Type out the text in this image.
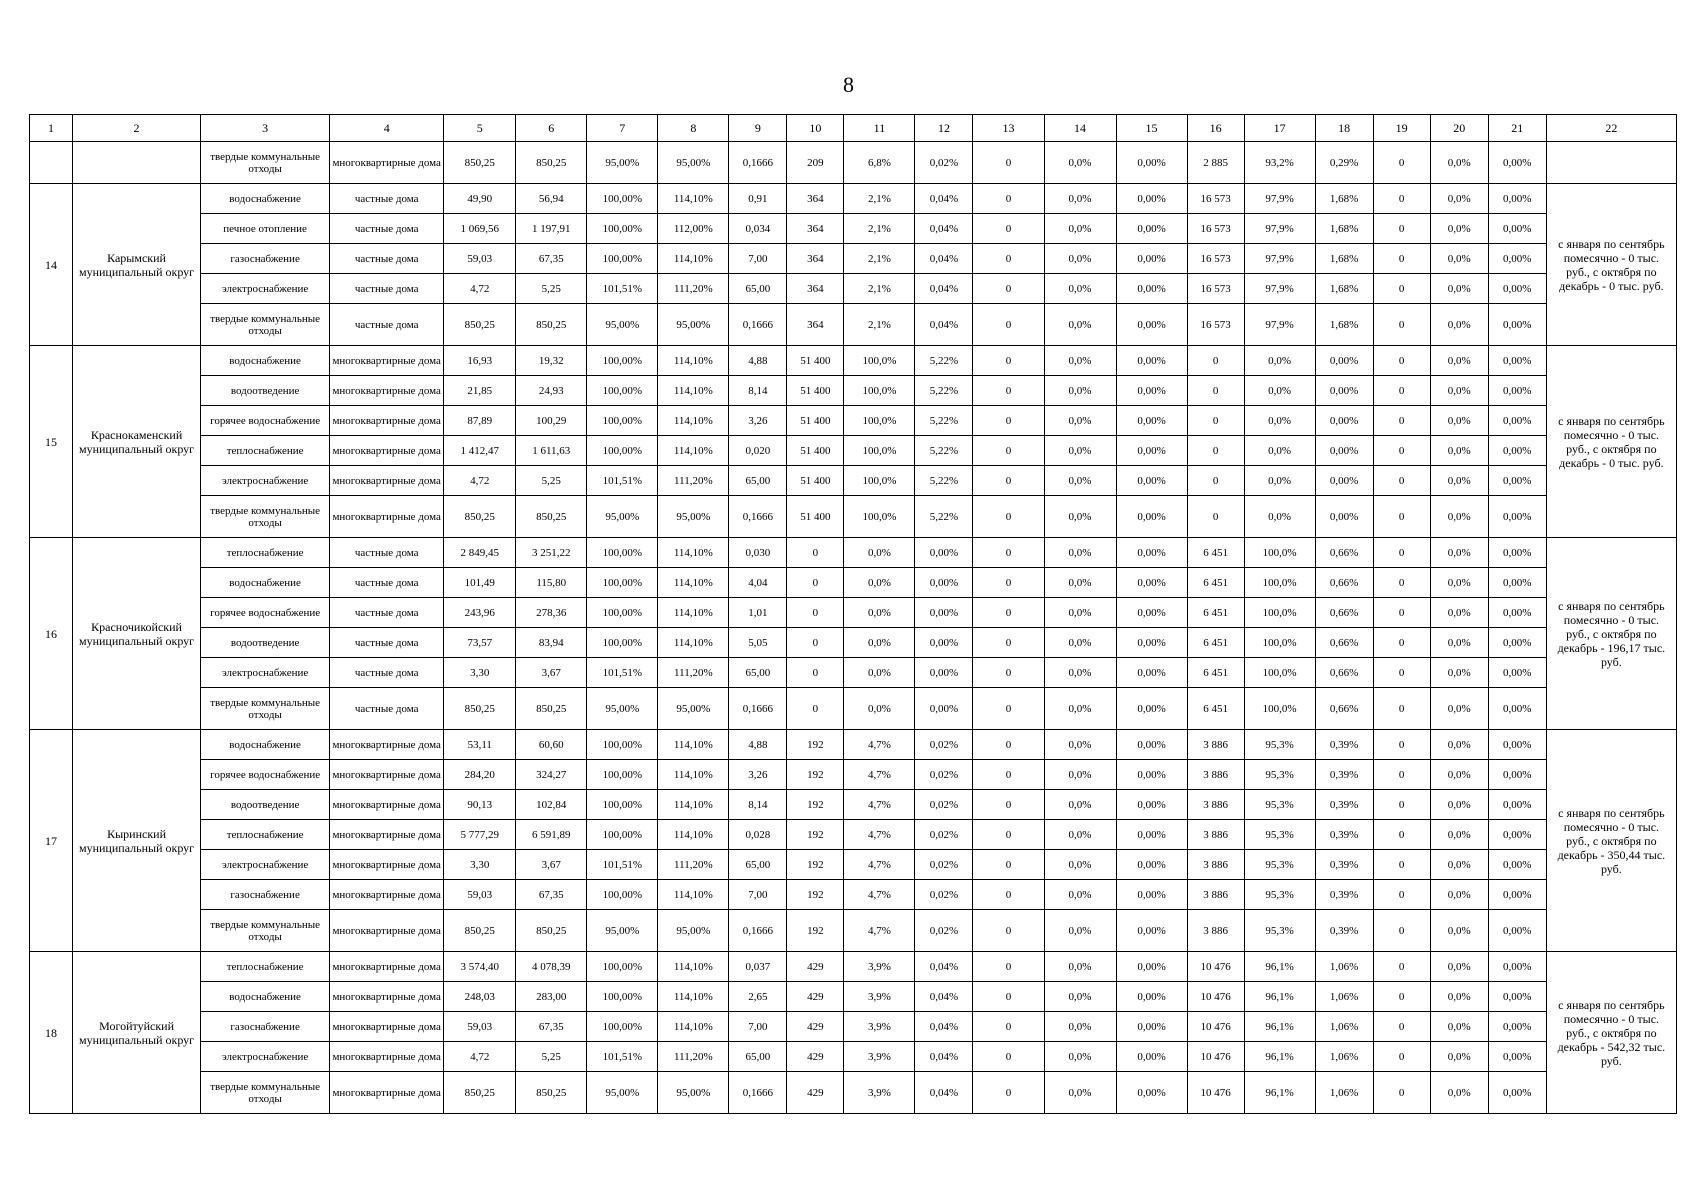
8
1	2	3	4	5	6	7	8	9	10	11	12	13	14	15	16	17	18	19	20	21	22
		твердые коммунальные отходы	многоквартирные дома	850,25	850,25	95,00%	95,00%	0,1666	209	6,8%	0,02%	0	0,0%	0,00%	2 885	93,2%	0,29%	0	0,0%	0,00%	
14	Карымский муниципальный округ	водоснабжение	частные дома	49,90	56,94	100,00%	114,10%	0,91	364	2,1%	0,04%	0	0,0%	0,00%	16 573	97,9%	1,68%	0	0,0%	0,00%	с января по сентябрь помесячно - 0 тыс. руб., с октября по декабрь - 0 тыс. руб.
		печное отопление	частные дома	1 069,56	1 197,91	100,00%	112,00%	0,034	364	2,1%	0,04%	0	0,0%	0,00%	16 573	97,9%	1,68%	0	0,0%	0,00%	
		газоснабжение	частные дома	59,03	67,35	100,00%	114,10%	7,00	364	2,1%	0,04%	0	0,0%	0,00%	16 573	97,9%	1,68%	0	0,0%	0,00%	
		электроснабжение	частные дома	4,72	5,25	101,51%	111,20%	65,00	364	2,1%	0,04%	0	0,0%	0,00%	16 573	97,9%	1,68%	0	0,0%	0,00%	
		твердые коммунальные отходы	частные дома	850,25	850,25	95,00%	95,00%	0,1666	364	2,1%	0,04%	0	0,0%	0,00%	16 573	97,9%	1,68%	0	0,0%	0,00%	
15	Краснокаменский муниципальный округ	водоснабжение	многоквартирные дома	16,93	19,32	100,00%	114,10%	4,88	51 400	100,0%	5,22%	0	0,0%	0,00%	0	0,0%	0,00%	0	0,0%	0,00%	с января по сентябрь помесячно - 0 тыс. руб., с октября по декабрь - 0 тыс. руб.
		водоотведение	многоквартирные дома	21,85	24,93	100,00%	114,10%	8,14	51 400	100,0%	5,22%	0	0,0%	0,00%	0	0,0%	0,00%	0	0,0%	0,00%	
		горячее водоснабжение	многоквартирные дома	87,89	100,29	100,00%	114,10%	3,26	51 400	100,0%	5,22%	0	0,0%	0,00%	0	0,0%	0,00%	0	0,0%	0,00%	
		теплоснабжение	многоквартирные дома	1 412,47	1 611,63	100,00%	114,10%	0,020	51 400	100,0%	5,22%	0	0,0%	0,00%	0	0,0%	0,00%	0	0,0%	0,00%	
		электроснабжение	многоквартирные дома	4,72	5,25	101,51%	111,20%	65,00	51 400	100,0%	5,22%	0	0,0%	0,00%	0	0,0%	0,00%	0	0,0%	0,00%	
		твердые коммунальные отходы	многоквартирные дома	850,25	850,25	95,00%	95,00%	0,1666	51 400	100,0%	5,22%	0	0,0%	0,00%	0	0,0%	0,00%	0	0,0%	0,00%	
16	Красночикойский муниципальный округ	теплоснабжение	частные дома	2 849,45	3 251,22	100,00%	114,10%	0,030	0	0,0%	0,00%	0	0,0%	0,00%	6 451	100,0%	0,66%	0	0,0%	0,00%	с января по сентябрь помесячно - 0 тыс. руб., с октября по декабрь - 196,17 тыс. руб.
		водоснабжение	частные дома	101,49	115,80	100,00%	114,10%	4,04	0	0,0%	0,00%	0	0,0%	0,00%	6 451	100,0%	0,66%	0	0,0%	0,00%	
		горячее водоснабжение	частные дома	243,96	278,36	100,00%	114,10%	1,01	0	0,0%	0,00%	0	0,0%	0,00%	6 451	100,0%	0,66%	0	0,0%	0,00%	
		водоотведение	частные дома	73,57	83,94	100,00%	114,10%	5,05	0	0,0%	0,00%	0	0,0%	0,00%	6 451	100,0%	0,66%	0	0,0%	0,00%	
		электроснабжение	частные дома	3,30	3,67	101,51%	111,20%	65,00	0	0,0%	0,00%	0	0,0%	0,00%	6 451	100,0%	0,66%	0	0,0%	0,00%	
		твердые коммунальные отходы	частные дома	850,25	850,25	95,00%	95,00%	0,1666	0	0,0%	0,00%	0	0,0%	0,00%	6 451	100,0%	0,66%	0	0,0%	0,00%	
17	Кыринский муниципальный округ	водоснабжение	многоквартирные дома	53,11	60,60	100,00%	114,10%	4,88	192	4,7%	0,02%	0	0,0%	0,00%	3 886	95,3%	0,39%	0	0,0%	0,00%	с января по сентябрь помесячно - 0 тыс. руб., с октября по декабрь - 350,44 тыс. руб.
		горячее водоснабжение	многоквартирные дома	284,20	324,27	100,00%	114,10%	3,26	192	4,7%	0,02%	0	0,0%	0,00%	3 886	95,3%	0,39%	0	0,0%	0,00%	
		водоотведение	многоквартирные дома	90,13	102,84	100,00%	114,10%	8,14	192	4,7%	0,02%	0	0,0%	0,00%	3 886	95,3%	0,39%	0	0,0%	0,00%	
		теплоснабжение	многоквартирные дома	5 777,29	6 591,89	100,00%	114,10%	0,028	192	4,7%	0,02%	0	0,0%	0,00%	3 886	95,3%	0,39%	0	0,0%	0,00%	
		электроснабжение	многоквартирные дома	3,30	3,67	101,51%	111,20%	65,00	192	4,7%	0,02%	0	0,0%	0,00%	3 886	95,3%	0,39%	0	0,0%	0,00%	
		газоснабжение	многоквартирные дома	59,03	67,35	100,00%	114,10%	7,00	192	4,7%	0,02%	0	0,0%	0,00%	3 886	95,3%	0,39%	0	0,0%	0,00%	
		твердые коммунальные отходы	многоквартирные дома	850,25	850,25	95,00%	95,00%	0,1666	192	4,7%	0,02%	0	0,0%	0,00%	3 886	95,3%	0,39%	0	0,0%	0,00%	
18	Могойтуйский муниципальный округ	теплоснабжение	многоквартирные дома	3 574,40	4 078,39	100,00%	114,10%	0,037	429	3,9%	0,04%	0	0,0%	0,00%	10 476	96,1%	1,06%	0	0,0%	0,00%	с января по сентябрь помесячно - 0 тыс. руб., с октября по декабрь - 542,32 тыс. руб.
		водоснабжение	многоквартирные дома	248,03	283,00	100,00%	114,10%	2,65	429	3,9%	0,04%	0	0,0%	0,00%	10 476	96,1%	1,06%	0	0,0%	0,00%	
		газоснабжение	многоквартирные дома	59,03	67,35	100,00%	114,10%	7,00	429	3,9%	0,04%	0	0,0%	0,00%	10 476	96,1%	1,06%	0	0,0%	0,00%	
		электроснабжение	многоквартирные дома	4,72	5,25	101,51%	111,20%	65,00	429	3,9%	0,04%	0	0,0%	0,00%	10 476	96,1%	1,06%	0	0,0%	0,00%	
		твердые коммунальные отходы	многоквартирные дома	850,25	850,25	95,00%	95,00%	0,1666	429	3,9%	0,04%	0	0,0%	0,00%	10 476	96,1%	1,06%	0	0,0%	0,00%	
